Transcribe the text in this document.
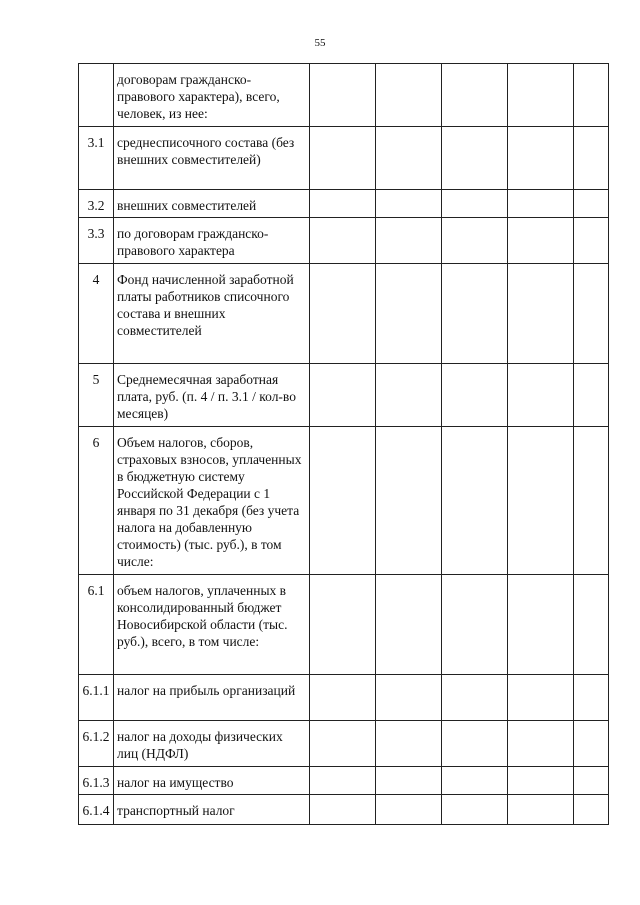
55
	договорам гражданско-правового характера), всего, человек, из нее:					
3.1	среднесписочного состава (без внешних совместителей)					
3.2	внешних совместителей					
3.3	по договорам гражданско-правового характера					
4	Фонд начисленной заработной платы работников списочного состава и внешних совместителей					
5	Среднемесячная заработная плата, руб. (п. 4 / п. 3.1 / кол-во месяцев)					
6	Объем налогов, сборов, страховых взносов, уплаченных в бюджетную систему Российской Федерации с 1 января по 31 декабря (без учета налога на добавленную стоимость) (тыс. руб.), в том числе:					
6.1	объем налогов, уплаченных в консолидированный бюджет Новосибирской области (тыс. руб.), всего, в том числе:					
6.1.1	налог на прибыль организаций					
6.1.2	налог на доходы физических лиц (НДФЛ)					
6.1.3	налог на имущество					
6.1.4	транспортный налог					
